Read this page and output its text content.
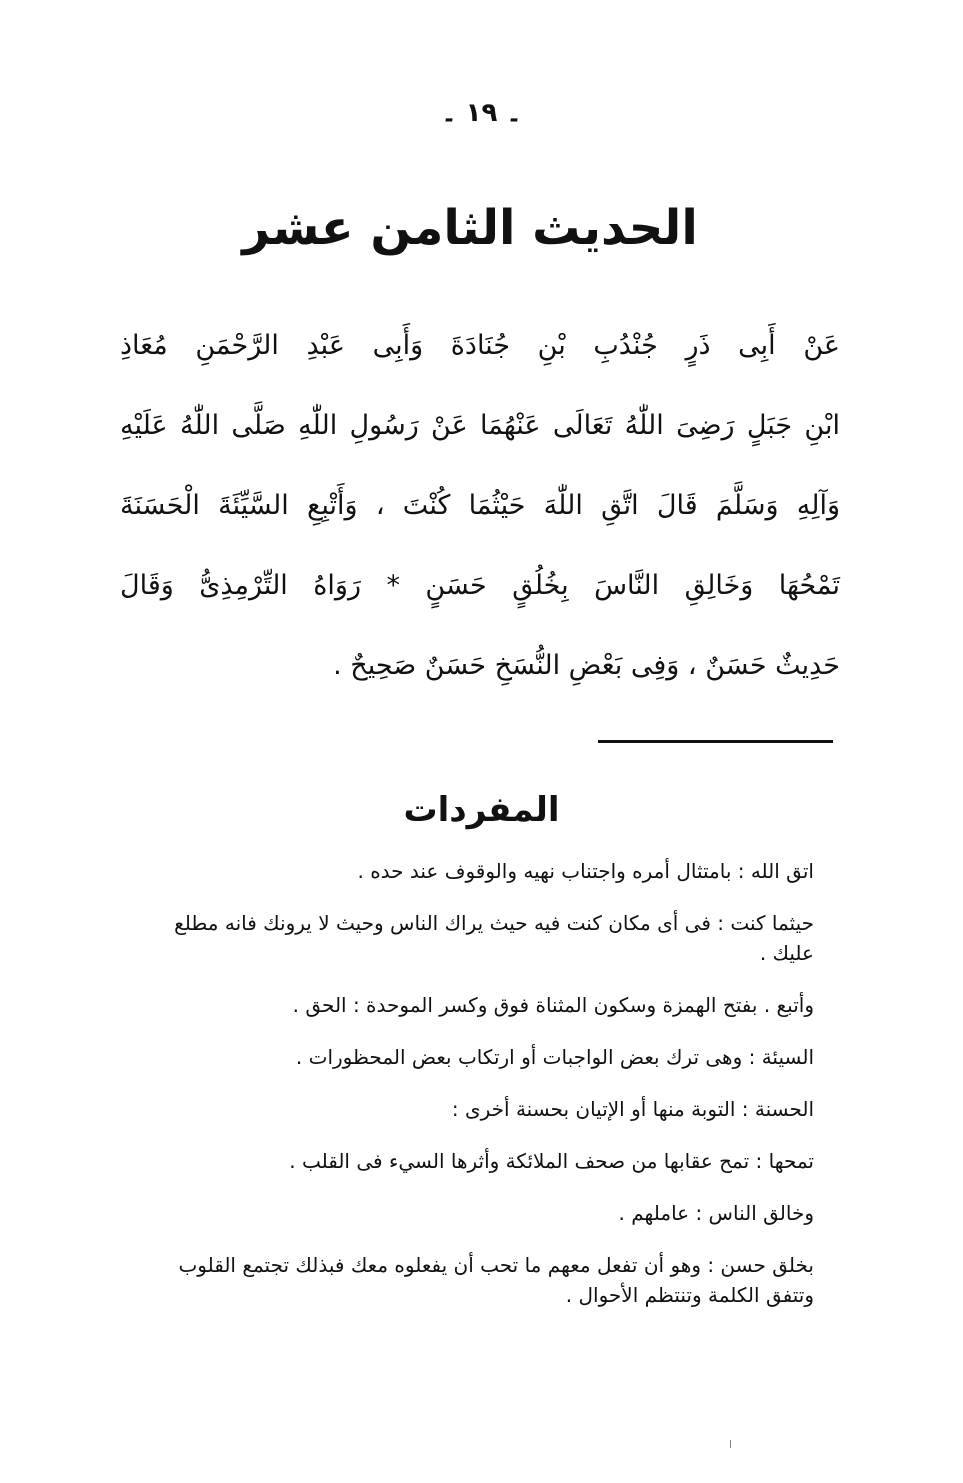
۔ ١٩ ۔
الحديث الثامن عشر
عَنْ أَبِى ذَرٍ جُنْدُبِ بْنِ جُنَادَةَ وَأَبِى عَبْدِ الرَّحْمَنِ مُعَاذِ
ابْنِ جَبَلٍ رَضِىَ اللّٰهُ تَعَالَى عَنْهُمَا عَنْ رَسُولِ اللّٰهِ صَلَّى اللّٰهُ عَلَيْهِ
وَآلِهِ وَسَلَّمَ قَالَ اتَّقِ اللّٰهَ حَيْثُمَا كُنْتَ ، وَأَتْبِعِ السَّيِّئَةَ الْحَسَنَةَ
تَمْحُهَا وَخَالِقِ النَّاسَ بِخُلُقٍ حَسَنٍ * رَوَاهُ التِّرْمِذِىُّ وَقَالَ
حَدِيثٌ حَسَنٌ ، وَفِى بَعْضِ النُّسَخِ حَسَنٌ صَحِيحٌ .
المفردات
اتق الله : بامتثال أمره واجتناب نهيه والوقوف عند حده .
حيثما كنت : فى أى مكان كنت فيه حيث يراك الناس وحيث لا يرونك فانه مطلع عليك .
وأتبع . بفتح الهمزة وسكون المثناة فوق وكسر الموحدة : الحق .
السيئة : وهى ترك بعض الواجبات أو ارتكاب بعض المحظورات .
الحسنة : التوبة منها أو الإتيان بحسنة أخرى :
تمحها : تمح عقابها من صحف الملائكة وأثرها السيء فى القلب .
وخالق الناس : عاملهم .
بخلق حسن : وهو أن تفعل معهم ما تحب أن يفعلوه معك فبذلك تجتمع القلوب وتتفق الكلمة وتنتظم الأحوال .
